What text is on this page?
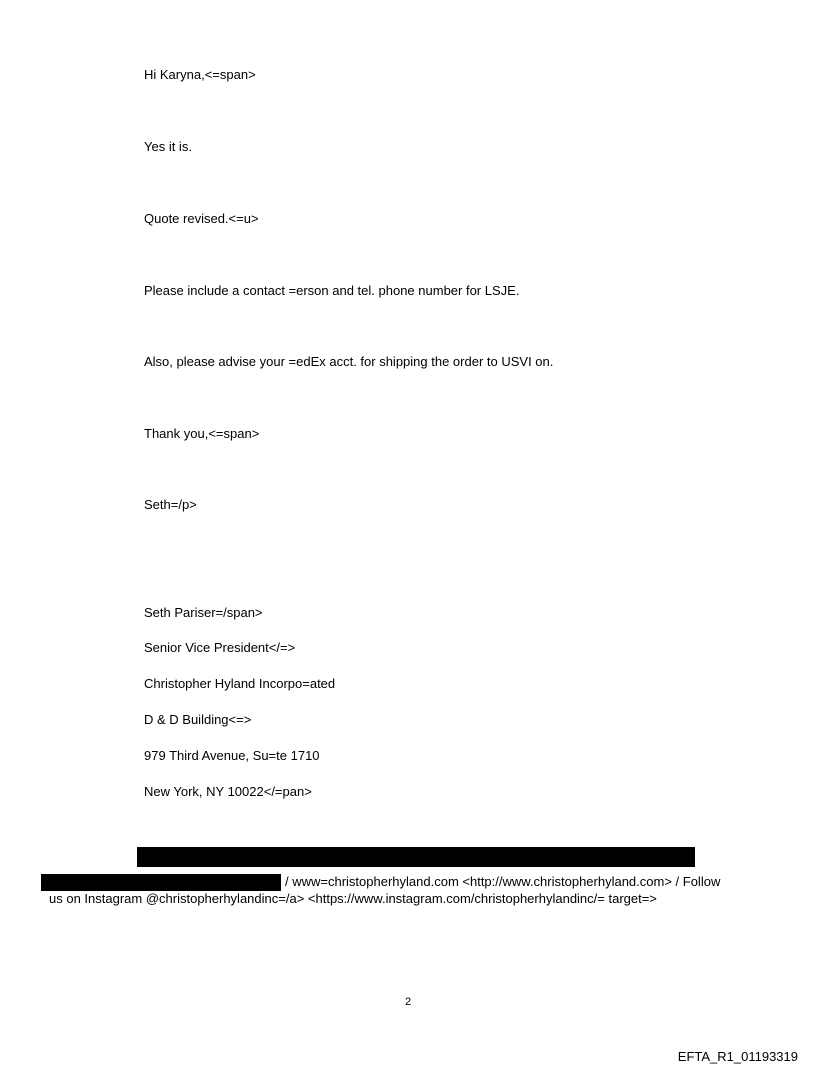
Hi Karyna,<=span>
Yes it is.
Quote revised.<=u>
Please include a contact =erson and tel. phone number for LSJE.
Also, please advise your =edEx acct. for shipping the order to USVI on.
Thank you,<=span>
Seth=/p>
Seth Pariser=/span>
Senior Vice President</=>
Christopher Hyland Incorpo=ated
D & D Building<=>
979 Third Avenue, Su=te 1710
New York, NY 10022</=pan>
/ www=christopherhyland.com <http://www.christopherhyland.com> / Follow
us on Instagram @christopherhylandinc=/a> <https://www.instagram.com/christopherhylandinc/= target=>
2
EFTA_R1_01193319
